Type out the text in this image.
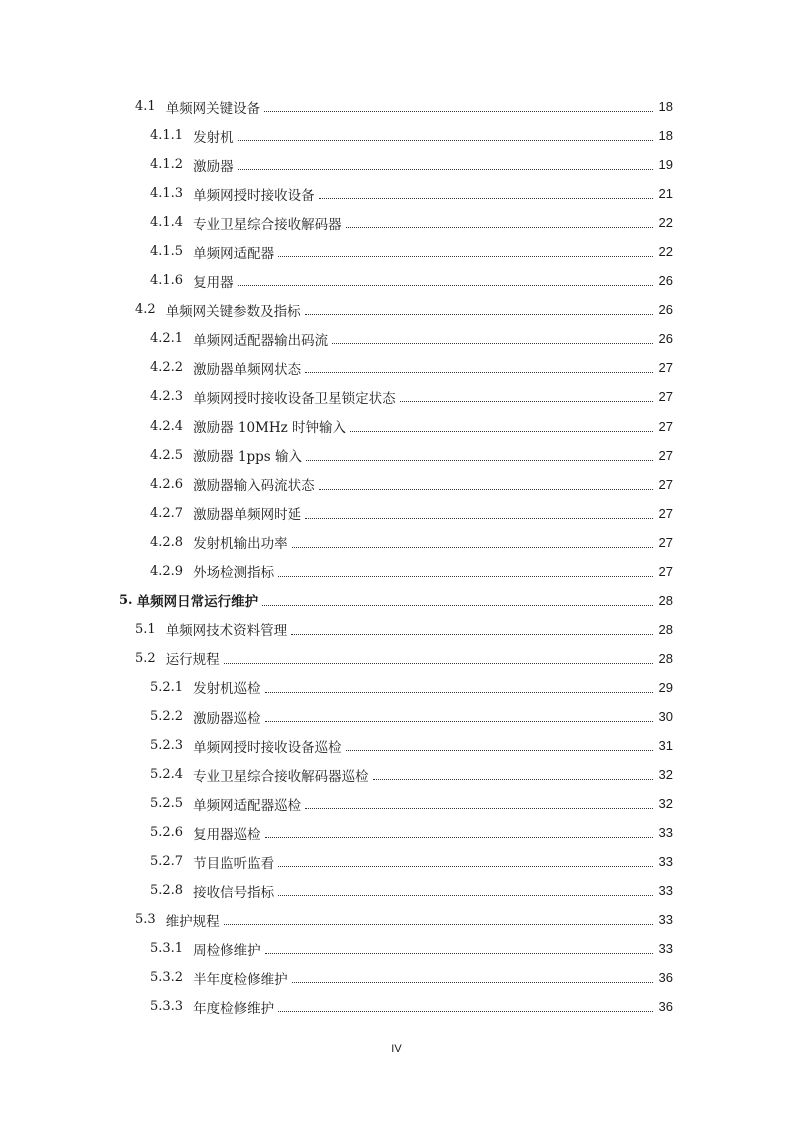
4.1 单频网关键设备	18
4.1.1 发射机	18
4.1.2 激励器	19
4.1.3 单频网授时接收设备	21
4.1.4 专业卫星综合接收解码器	22
4.1.5 单频网适配器	22
4.1.6 复用器	26
4.2 单频网关键参数及指标	26
4.2.1 单频网适配器输出码流	26
4.2.2 激励器单频网状态	27
4.2.3 单频网授时接收设备卫星锁定状态	27
4.2.4 激励器 10MHz 时钟输入	27
4.2.5 激励器 1pps 输入	27
4.2.6 激励器输入码流状态	27
4.2.7 激励器单频网时延	27
4.2.8 发射机输出功率	27
4.2.9 外场检测指标	27
5. 单频网日常运行维护	28
5.1 单频网技术资料管理	28
5.2 运行规程	28
5.2.1 发射机巡检	29
5.2.2 激励器巡检	30
5.2.3 单频网授时接收设备巡检	31
5.2.4 专业卫星综合接收解码器巡检	32
5.2.5 单频网适配器巡检	32
5.2.6 复用器巡检	33
5.2.7 节目监听监看	33
5.2.8 接收信号指标	33
5.3 维护规程	33
5.3.1 周检修维护	33
5.3.2 半年度检修维护	36
5.3.3 年度检修维护	36
IV
